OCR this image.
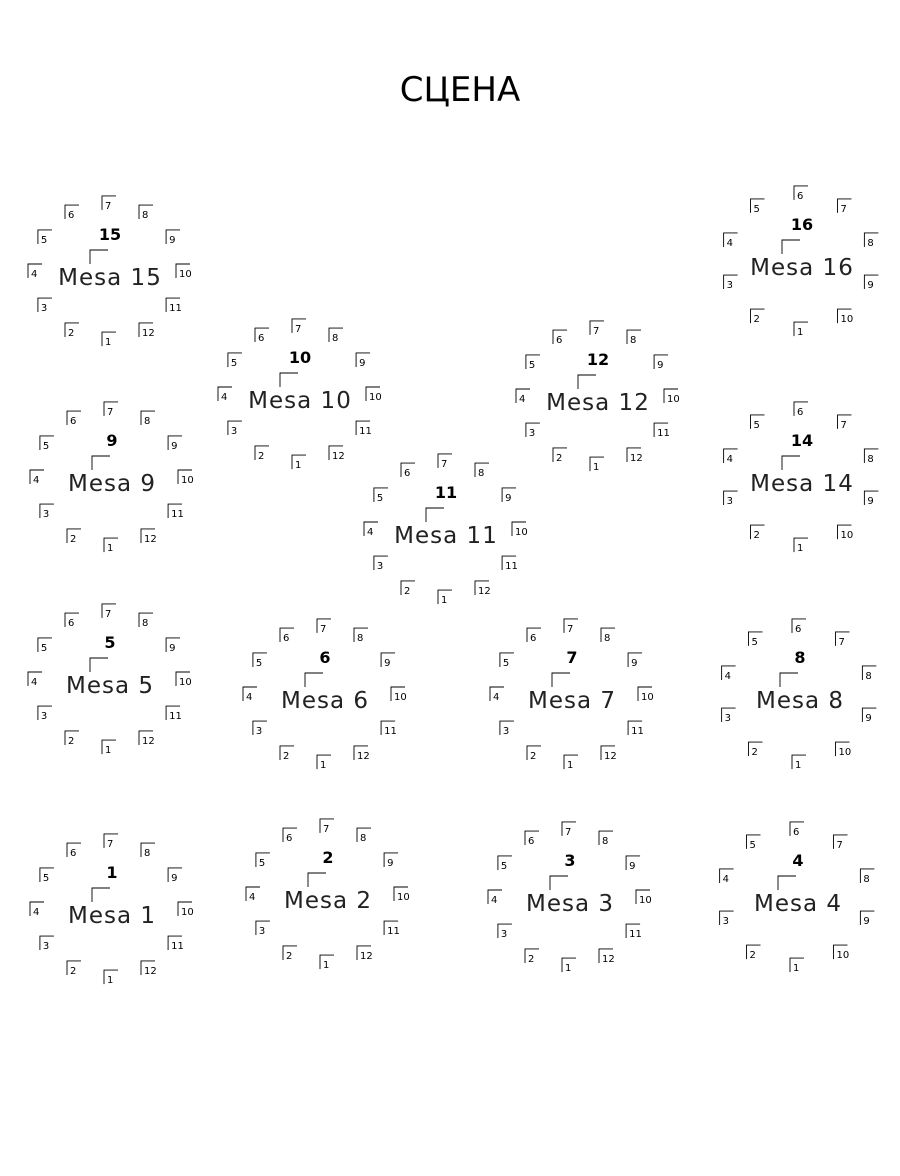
СЦЕНА
Mesa 15
15
1
2
3
4
5
6
7
8
9
10
11
12
Mesa 16
16
1
2
3
4
5
6
7
8
9
10
Mesa 10
10
1
2
3
4
5
6
7
8
9
10
11
12
Mesa 12
12
1
2
3
4
5
6
7
8
9
10
11
12
Mesa 9
9
1
2
3
4
5
6
7
8
9
10
11
12
Mesa 14
14
1
2
3
4
5
6
7
8
9
10
Mesa 11
11
1
2
3
4
5
6
7
8
9
10
11
12
Mesa 5
5
1
2
3
4
5
6
7
8
9
10
11
12
Mesa 6
6
1
2
3
4
5
6
7
8
9
10
11
12
Mesa 7
7
1
2
3
4
5
6
7
8
9
10
11
12
Mesa 8
8
1
2
3
4
5
6
7
8
9
10
Mesa 1
1
1
2
3
4
5
6
7
8
9
10
11
12
Mesa 2
2
1
2
3
4
5
6
7
8
9
10
11
12
Mesa 3
3
1
2
3
4
5
6
7
8
9
10
11
12
Mesa 4
4
1
2
3
4
5
6
7
8
9
10
